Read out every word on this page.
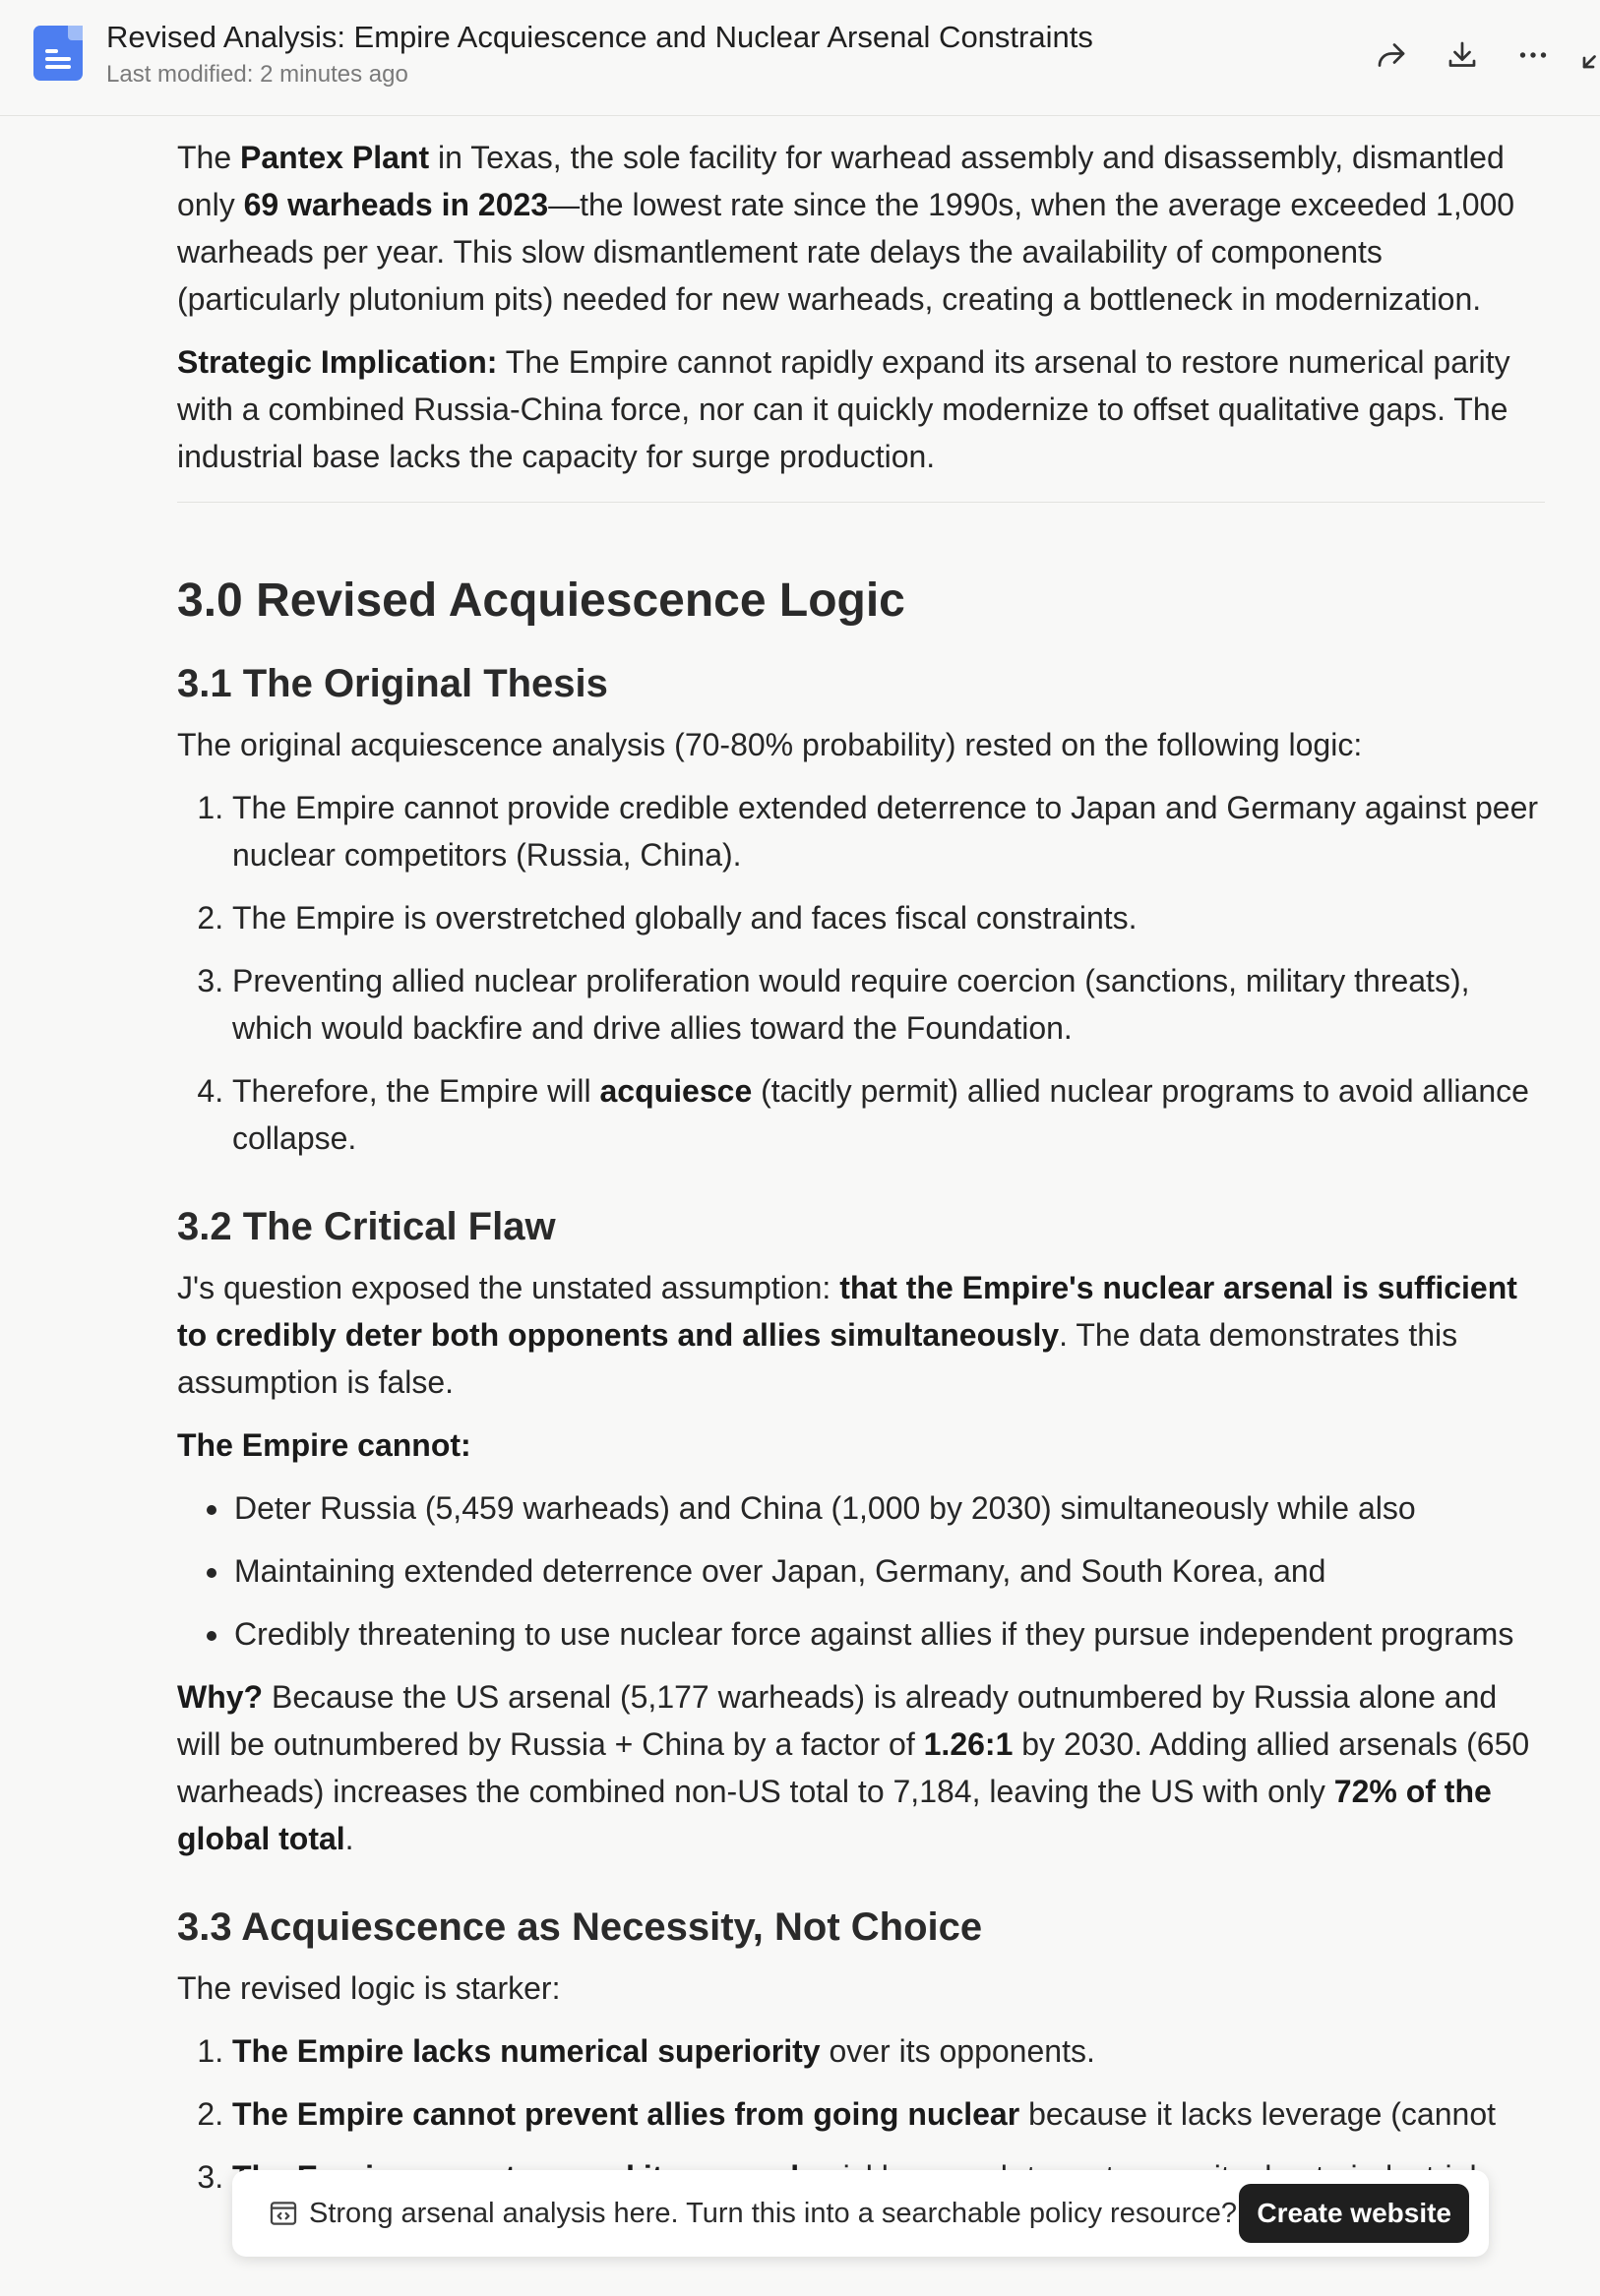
Revised Analysis: Empire Acquiescence and Nuclear Arsenal Constraints
Last modified: 2 minutes ago

The Pantex Plant in Texas, the sole facility for warhead assembly and disassembly, dismantled only 69 warheads in 2023—the lowest rate since the 1990s, when the average exceeded 1,000 warheads per year. This slow dismantlement rate delays the availability of components (particularly plutonium pits) needed for new warheads, creating a bottleneck in modernization.

Strategic Implication: The Empire cannot rapidly expand its arsenal to restore numerical parity with a combined Russia-China force, nor can it quickly modernize to offset qualitative gaps. The industrial base lacks the capacity for surge production.

3.0 Revised Acquiescence Logic
3.1 The Original Thesis

The original acquiescence analysis (70-80% probability) rested on the following logic:

1. The Empire cannot provide credible extended deterrence to Japan and Germany against peer nuclear competitors (Russia, China).
2. The Empire is overstretched globally and faces fiscal constraints.
3. Preventing allied nuclear proliferation would require coercion (sanctions, military threats), which would backfire and drive allies toward the Foundation.
4. Therefore, the Empire will acquiesce (tacitly permit) allied nuclear programs to avoid alliance collapse.
3.2 The Critical Flaw

J's question exposed the unstated assumption: that the Empire's nuclear arsenal is sufficient to credibly deter both opponents and allies simultaneously. The data demonstrates this assumption is false.

The Empire cannot:

• Deter Russia (5,459 warheads) and China (1,000 by 2030) simultaneously while also
• Maintaining extended deterrence over Japan, Germany, and South Korea, and
• Credibly threatening to use nuclear force against allies if they pursue independent programs

Why? Because the US arsenal (5,177 warheads) is already outnumbered by Russia alone and will be outnumbered by Russia + China by a factor of 1.26:1 by 2030. Adding allied arsenals (650 warheads) increases the combined non-US total to 7,184, leaving the US with only 72% of the global total.

3.3 Acquiescence as Necessity, Not Choice

The revised logic is starker:

1. The Empire lacks numerical superiority over its opponents.
2. The Empire cannot prevent allies from going nuclear because it lacks leverage (cannot
3.
Strong arsenal analysis here. Turn this into a searchable policy resource? Create website
